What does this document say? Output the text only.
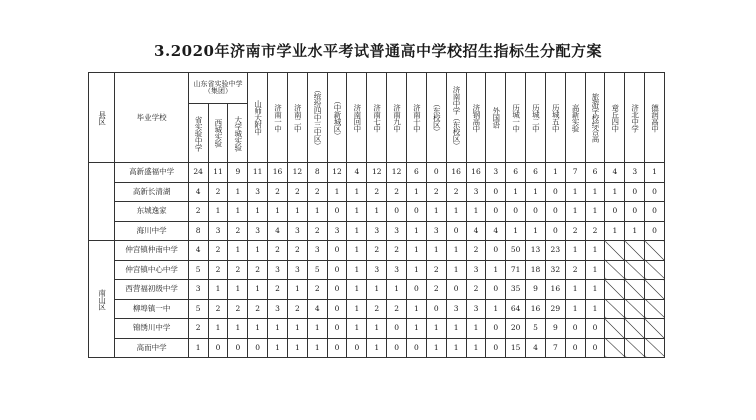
3.2020年济南市学业水平考试普通高中学校招生指标生分配方案
县区	毕业学校	山东省实验中学（集团）			山师大附中	济南一中	济南二中	（缤纷四中三中区）	（中新城区）	济南回中	济南七中	济南九中	济南十中	（东校区）	济南中学（东校区）	济钢高中	外国语	历城一中	历城二中	历城五中	高新实验	旅游学校综合高	章丘四中	济北中学	德润高中
		省实验中学	西城实验	大学城实验																					
	高新盛福中学	24	11	9	11	16	12	8	12	4	12	12	6	0	16	16	3	6	6	1	7	6	4	3	1
	高新长清湖	4	2	1	3	2	2	2	1	1	2	2	1	2	2	3	0	1	1	0	1	1	1	0	0
	东城逸家	2	1	1	1	1	1	1	0	1	1	0	0	1	1	1	0	0	0	0	1	1	0	0	0
	海川中学	8	3	2	3	4	3	2	3	1	3	3	1	3	0	4	4	1	1	0	2	2	1	1	0
南山区	仲宫镇仲南中学	4	2	1	1	2	2	3	0	1	2	2	1	1	1	2	0	50	13	23	1	1			
	仲宫镇中心中学	5	2	2	2	3	3	5	0	1	3	3	1	2	1	3	1	71	18	32	2	1			
	西营福初级中学	3	1	1	1	2	1	2	0	1	1	1	0	2	0	2	0	35	9	16	1	1			
	柳埠镇一中	5	2	2	2	3	2	4	0	1	2	2	1	0	3	3	1	64	16	29	1	1			
	锦绣川中学	2	1	1	1	1	1	1	0	1	1	0	1	1	1	1	0	20	5	9	0	0			
	高而中学	1	0	0	0	1	1	1	0	0	1	0	0	1	1	1	0	15	4	7	0	0			
